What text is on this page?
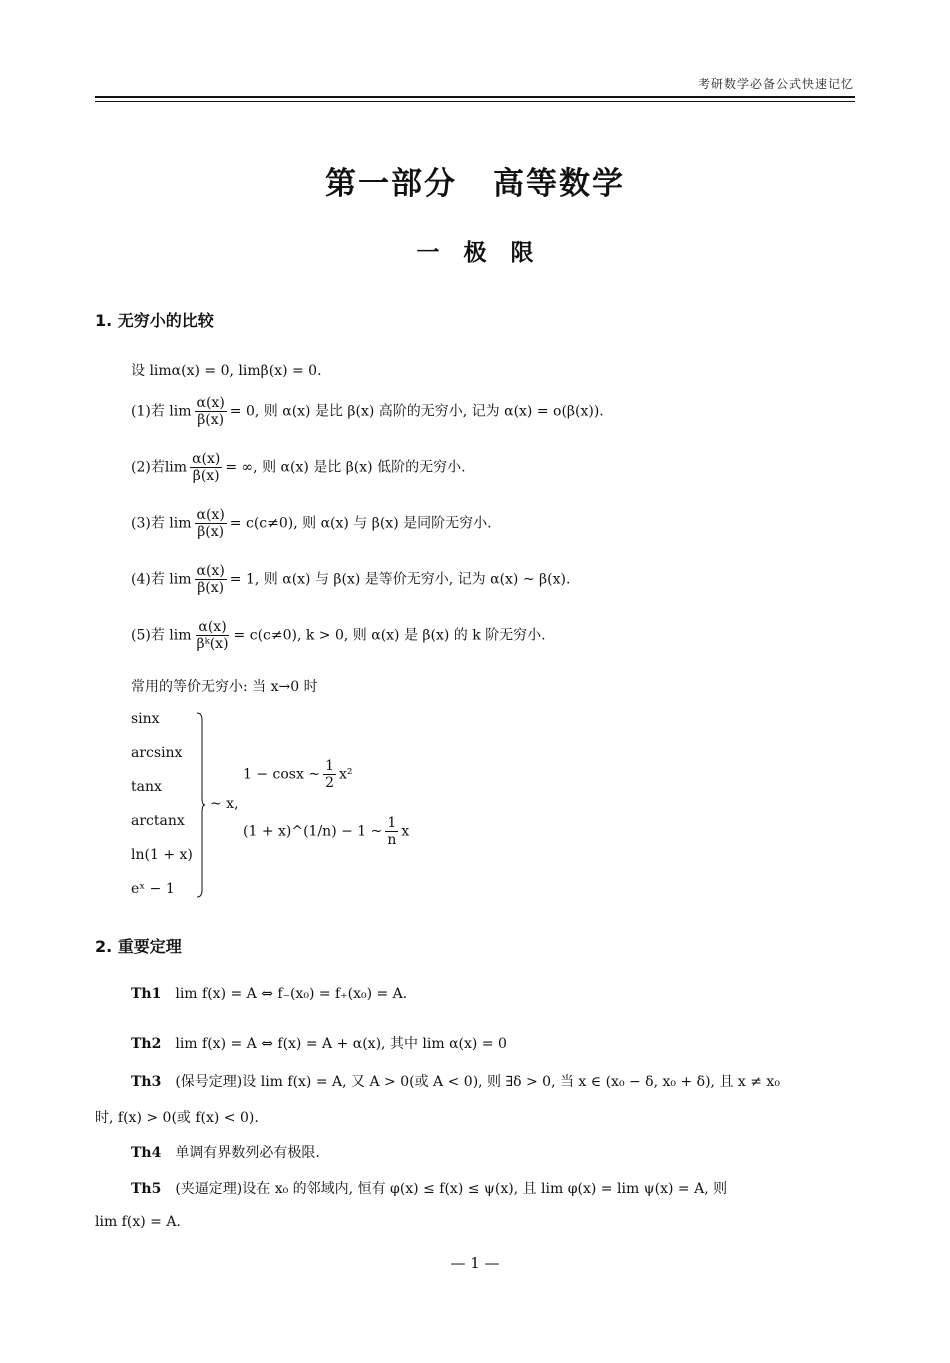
考研数学必备公式快速记忆
第一部分 高等数学
一极限
1. 无穷小的比较
设 limα(x) = 0, limβ(x) = 0.
(1)若 $\lim \frac{\alpha(x)}{\beta(x)} = 0$, 则 α(x) 是比 β(x) 高阶的无穷小, 记为 α(x) = o(β(x)).
(2)若$\lim \frac{\alpha(x)}{\beta(x)}$ = ∞, 则 α(x) 是比 β(x) 低阶的无穷小.
(3)若 $\lim \frac{\alpha(x)}{\beta(x)} = c(c\ne 0)$, 则 α(x) 与 β(x) 是同阶无穷小.
(4)若 $\lim \frac{\alpha(x)}{\beta(x)} = 1$, 则 α(x) 与 β(x) 是等价无穷小, 记为 α(x) ~ β(x).
(5)若 $\lim \frac{\alpha(x)}{\text{βᵏ(x)}} = c(c\ne 0)$, k > 0, 则 α(x) 是 β(x) 的 k 阶无穷小.
常用的等价无穷小: 当 x→0 时
sinx
arcsinx
tanx
arctanx
ln(1 + x)
eˣ − 1
~ x,
1 − cosx ~ $\frac{1}{2} x^2$
(1 + x)^(1/n) − 1 ~ $\frac{1}{n}$ x
2. 重要定理
Th1 lim f(x) = A ⇔ f₋(x₀) = f₊(x₀) = A.
Th2 lim f(x) = A ⇔ f(x) = A + α(x), 其中 lim α(x) = 0
Th3 (保号定理)设 lim f(x) = A, 又 A > 0(或 A < 0), 则 ∃δ > 0, 当 x ∈ (x₀ − δ, x₀ + δ), 且 x ≠ x₀
时, f(x) > 0(或 f(x) < 0).
Th4 单调有界数列必有极限.
Th5 (夹逼定理)设在 x₀ 的邻域内, 恒有 φ(x) ≤ f(x) ≤ ψ(x), 且 lim φ(x) = lim ψ(x) = A, 则
lim f(x) = A.
— 1 —
